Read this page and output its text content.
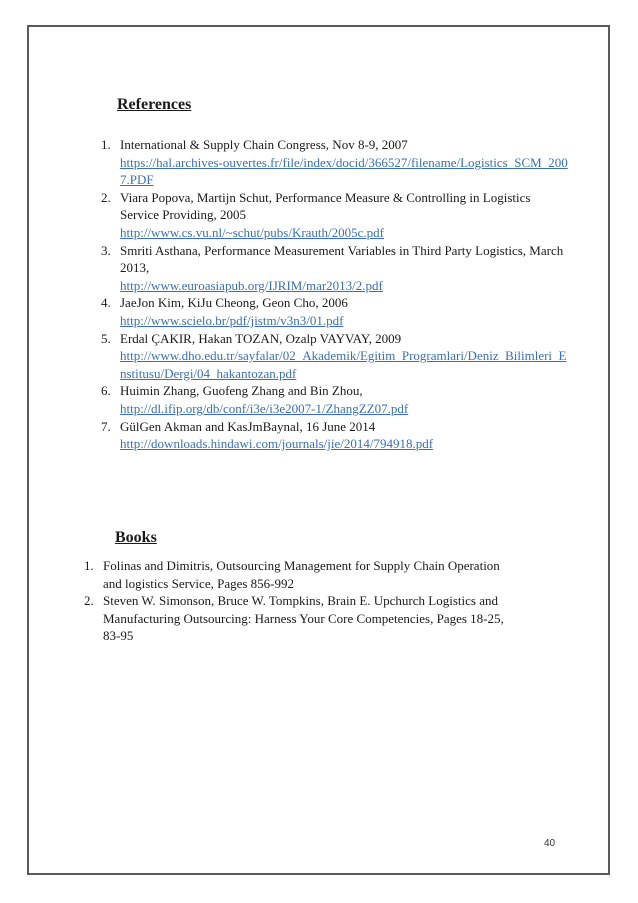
References
1. International & Supply Chain Congress, Nov 8-9, 2007
https://hal.archives-ouvertes.fr/file/index/docid/366527/filename/Logistics_SCM_2007.PDF
2. Viara Popova, Martijn Schut, Performance Measure & Controlling in Logistics Service Providing, 2005
http://www.cs.vu.nl/~schut/pubs/Krauth/2005c.pdf
3. Smriti Asthana, Performance Measurement Variables in Third Party Logistics, March 2013,
http://www.euroasiapub.org/IJRIM/mar2013/2.pdf
4. JaeJon Kim, KiJu Cheong, Geon Cho, 2006
http://www.scielo.br/pdf/jistm/v3n3/01.pdf
5. Erdal ÇAKIR, Hakan TOZAN, Ozalp VAYVAY, 2009
http://www.dho.edu.tr/sayfalar/02_Akademik/Egitim_Programlari/Deniz_Bilimleri_Enstitusu/Dergi/04_hakantozan.pdf
6. Huimin Zhang, Guofeng Zhang and Bin Zhou,
http://dl.ifip.org/db/conf/i3e/i3e2007-1/ZhangZZ07.pdf
7. GülGen Akman and KasJmBaynal, 16 June 2014
http://downloads.hindawi.com/journals/jie/2014/794918.pdf
Books
1. Folinas and Dimitris, Outsourcing Management for Supply Chain Operation and logistics Service, Pages 856-992
2. Steven W. Simonson, Bruce W. Tompkins, Brain E. Upchurch Logistics and Manufacturing Outsourcing: Harness Your Core Competencies, Pages 18-25, 83-95
40
